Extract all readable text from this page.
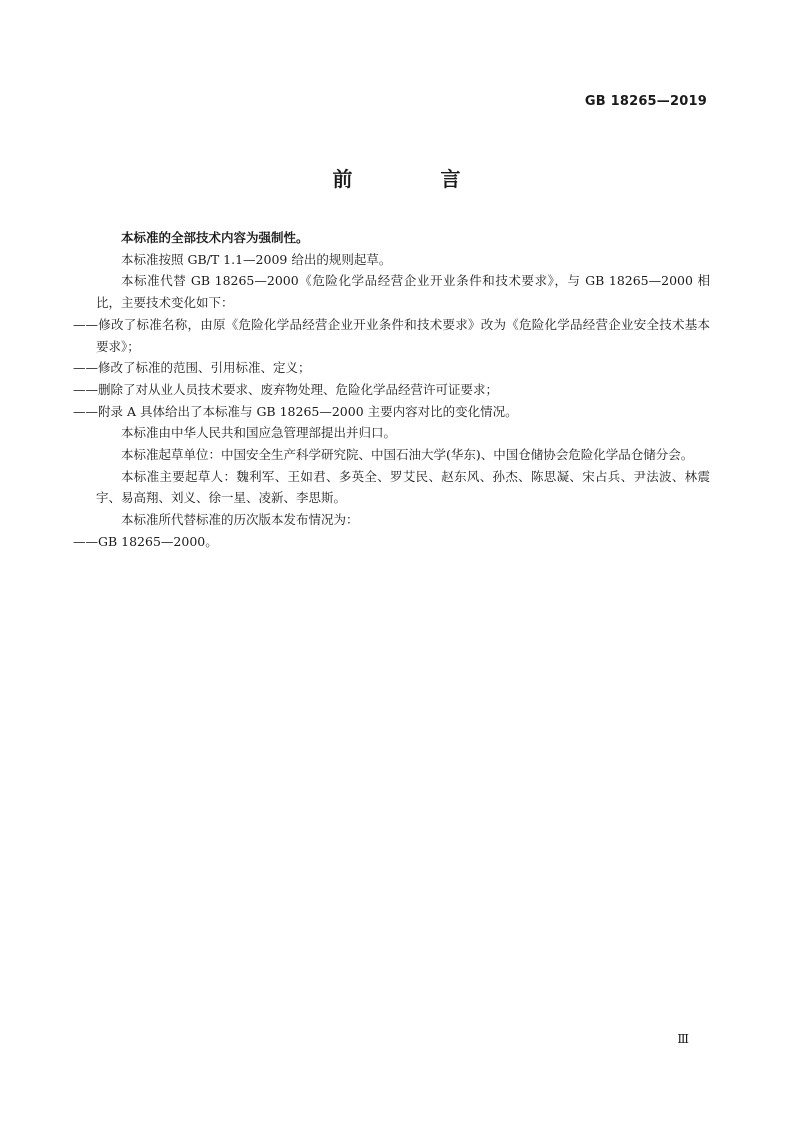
GB 18265—2019
前　言

本标准的全部技术内容为强制性。

本标准按照 GB/T 1.1—2009 给出的规则起草。

本标准代替 GB 18265—2000《危险化学品经营企业开业条件和技术要求》，与 GB 18265—2000 相比，主要技术变化如下：

——修改了标准名称，由原《危险化学品经营企业开业条件和技术要求》改为《危险化学品经营企业安全技术基本要求》；

——修改了标准的范围、引用标准、定义；

——删除了对从业人员技术要求、废弃物处理、危险化学品经营许可证要求；

——附录 A 具体给出了本标准与 GB 18265—2000 主要内容对比的变化情况。

本标准由中华人民共和国应急管理部提出并归口。

本标准起草单位：中国安全生产科学研究院、中国石油大学(华东)、中国仓储协会危险化学品仓储分会。

本标准主要起草人：魏利军、王如君、多英全、罗艾民、赵东风、孙杰、陈思凝、宋占兵、尹法波、林震宇、易高翔、刘义、徐一星、凌新、李思斯。

本标准所代替标准的历次版本发布情况为：

——GB 18265—2000。

Ⅲ
